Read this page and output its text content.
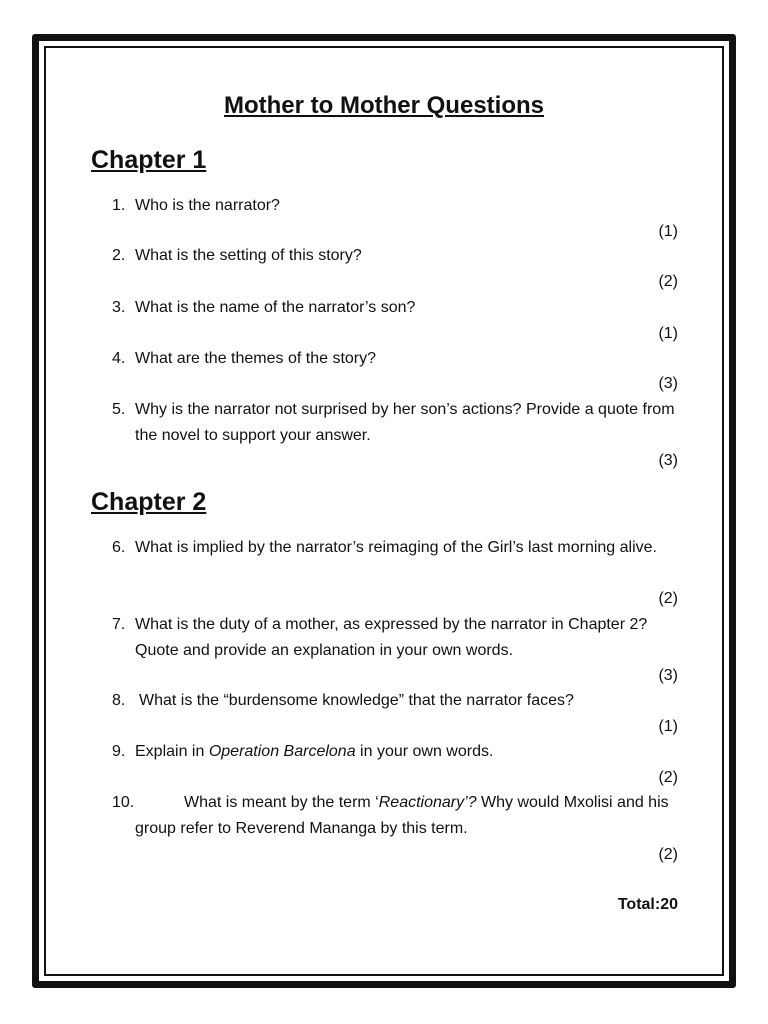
Mother to Mother Questions
Chapter 1
1. Who is the narrator?
(1)
2. What is the setting of this story?
(2)
3. What is the name of the narrator’s son?
(1)
4. What are the themes of the story?
(3)
5. Why is the narrator not surprised by her son’s actions? Provide a quote from the novel to support your answer.
(3)
Chapter 2
6. What is implied by the narrator’s reimaging of the Girl’s last morning alive.
(2)
7. What is the duty of a mother, as expressed by the narrator in Chapter 2? Quote and provide an explanation in your own words.
(3)
8. What is the “burdensome knowledge” that the narrator faces?
(1)
9. Explain in Operation Barcelona in your own words.
(2)
10.	What is meant by the term ‘Reactionary’? Why would Mxolisi and his group refer to Reverend Mananga by this term.
(2)
Total:20
